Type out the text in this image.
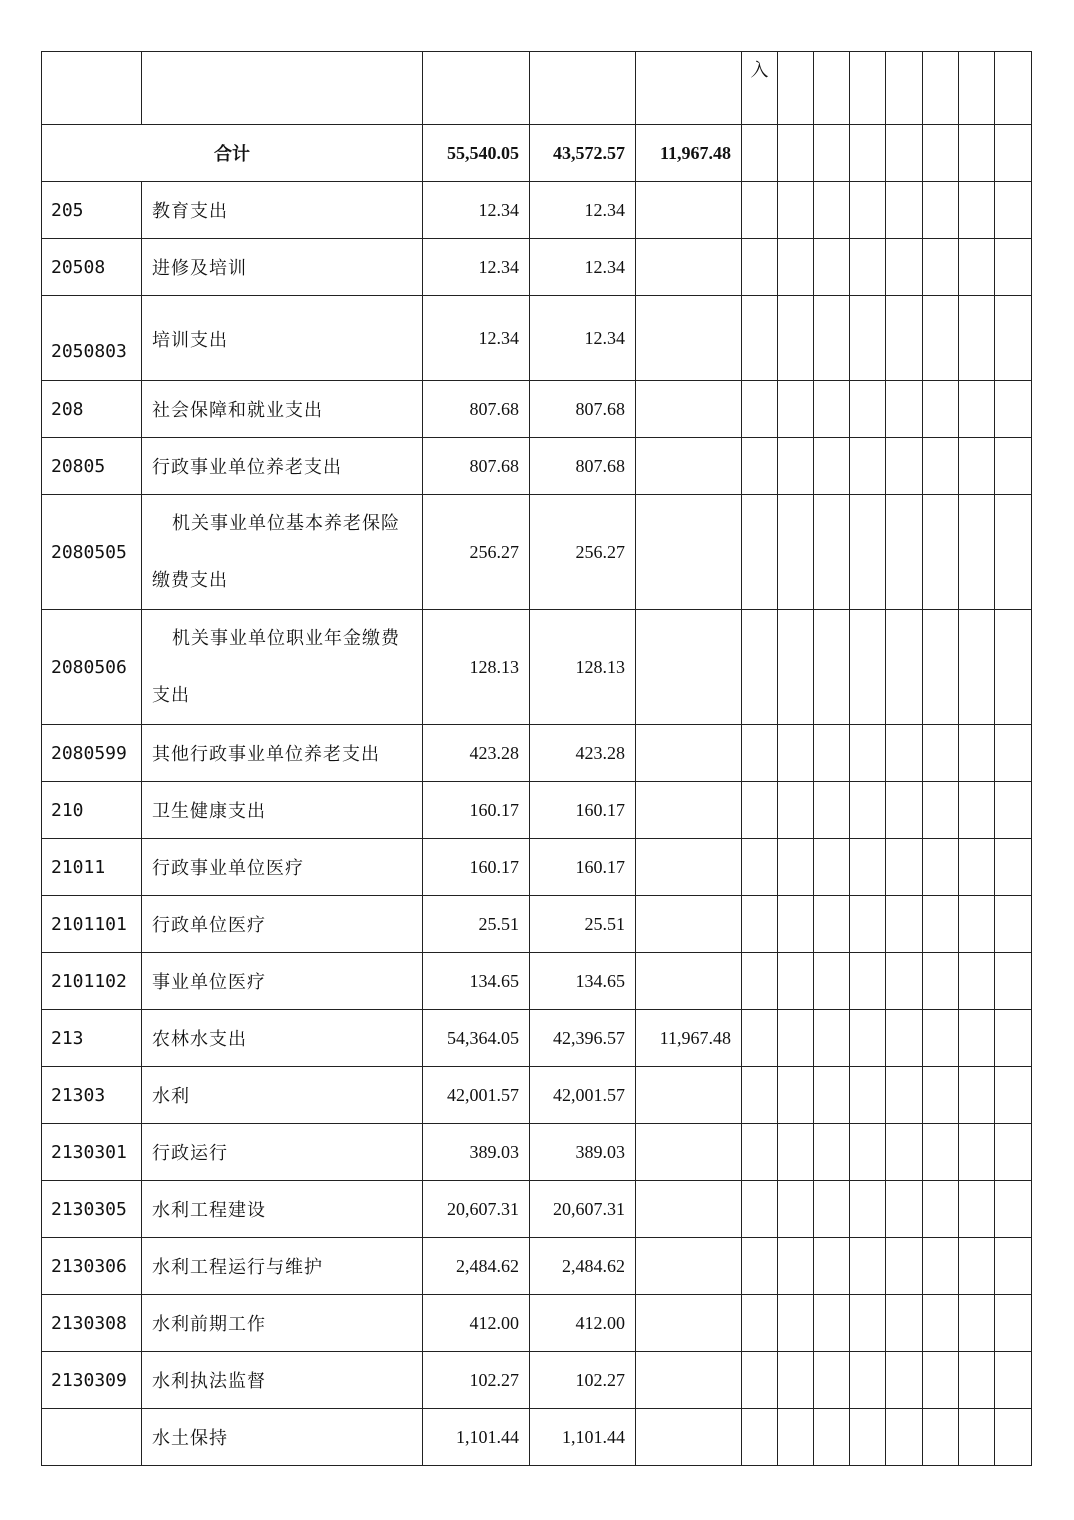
					入							
合计		55,540.05	43,572.57	11,967.48								
205	教育支出	12.34	12.34									
20508	进修及培训	12.34	12.34									
2050803	培训支出	12.34	12.34									
208	社会保障和就业支出	807.68	807.68									
20805	行政事业单位养老支出	807.68	807.68									
2080505	机关事业单位基本养老保险
缴费支出	256.27	256.27									
2080506	机关事业单位职业年金缴费
支出	128.13	128.13									
2080599	其他行政事业单位养老支出	423.28	423.28									
210	卫生健康支出	160.17	160.17									
21011	行政事业单位医疗	160.17	160.17									
2101101	行政单位医疗	25.51	25.51									
2101102	事业单位医疗	134.65	134.65									
213	农林水支出	54,364.05	42,396.57	11,967.48								
21303	水利	42,001.57	42,001.57									
2130301	行政运行	389.03	389.03									
2130305	水利工程建设	20,607.31	20,607.31									
2130306	水利工程运行与维护	2,484.62	2,484.62									
2130308	水利前期工作	412.00	412.00									
2130309	水利执法监督	102.27	102.27									
	水土保持	1,101.44	1,101.44									
